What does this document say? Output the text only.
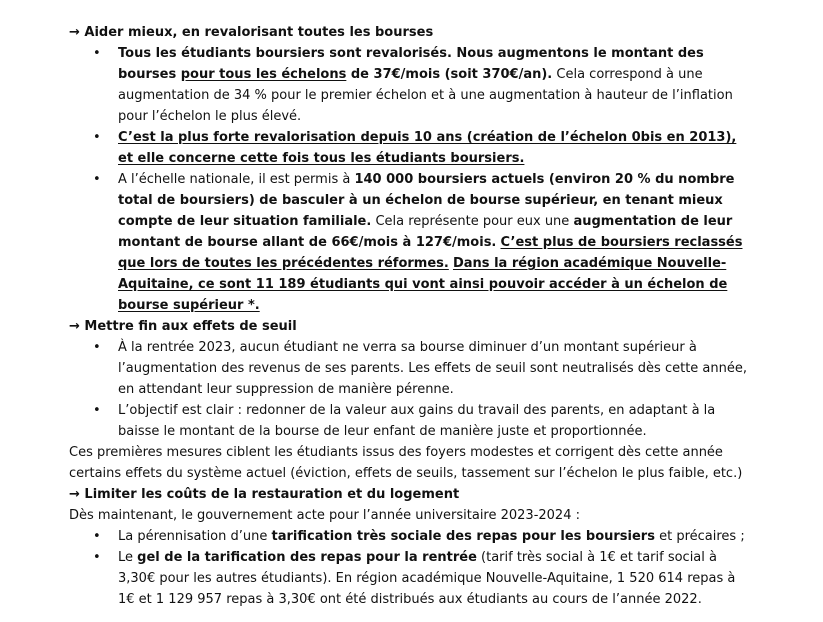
→ Aider mieux, en revalorisant toutes les bourses
• Tous les étudiants boursiers sont revalorisés. Nous augmentons le montant des bourses pour tous les échelons de 37€/mois (soit 370€/an). Cela correspond à une augmentation de 34 % pour le premier échelon et à une augmentation à hauteur de l’inflation pour l’échelon le plus élevé.
• C’est la plus forte revalorisation depuis 10 ans (création de l’échelon 0bis en 2013), et elle concerne cette fois tous les étudiants boursiers.
• A l’échelle nationale, il est permis à 140 000 boursiers actuels (environ 20 % du nombre total de boursiers) de basculer à un échelon de bourse supérieur, en tenant mieux compte de leur situation familiale. Cela représente pour eux une augmentation de leur montant de bourse allant de 66€/mois à 127€/mois. C’est plus de boursiers reclassés que lors de toutes les précédentes réformes. Dans la région académique Nouvelle-Aquitaine, ce sont 11 189 étudiants qui vont ainsi pouvoir accéder à un échelon de bourse supérieur *.
→ Mettre fin aux effets de seuil
• À la rentrée 2023, aucun étudiant ne verra sa bourse diminuer d’un montant supérieur à l’augmentation des revenus de ses parents. Les effets de seuil sont neutralisés dès cette année, en attendant leur suppression de manière pérenne.
• L’objectif est clair : redonner de la valeur aux gains du travail des parents, en adaptant à la baisse le montant de la bourse de leur enfant de manière juste et proportionnée.

Ces premières mesures ciblent les étudiants issus des foyers modestes et corrigent dès cette année certains effets du système actuel (éviction, effets de seuils, tassement sur l’échelon le plus faible, etc.)

→ Limiter les coûts de la restauration et du logement

Dès maintenant, le gouvernement acte pour l’année universitaire 2023-2024 :

• La pérennisation d’une tarification très sociale des repas pour les boursiers et précaires ;
• Le gel de la tarification des repas pour la rentrée (tarif très social à 1€ et tarif social à 3,30€ pour les autres étudiants). En région académique Nouvelle-Aquitaine, 1 520 614 repas à 1€ et 1 129 957 repas à 3,30€ ont été distribués aux étudiants au cours de l’année 2022.
